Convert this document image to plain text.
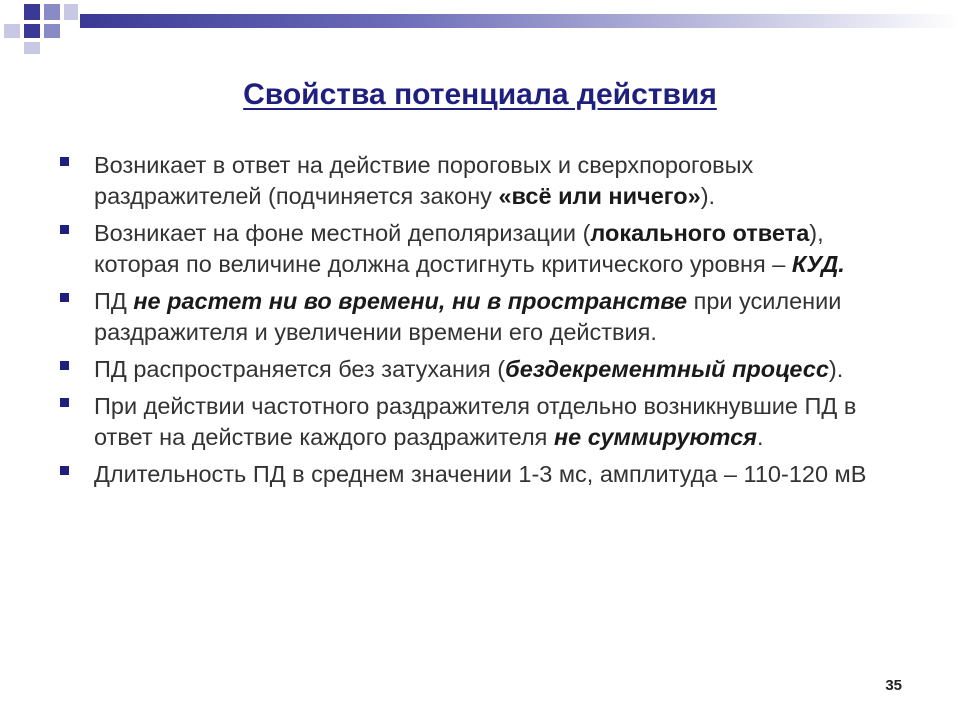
Свойства потенциала действия
Возникает в ответ на действие пороговых и сверхпороговых раздражителей (подчиняется закону «всё или ничего»).
Возникает на фоне местной деполяризации (локального ответа), которая по величине должна достигнуть критического уровня – КУД.
ПД не растет ни во времени, ни в пространстве при усилении раздражителя и увеличении времени его действия.
ПД распространяется без затухания (бездекрементный процесс).
При действии частотного раздражителя отдельно возникнувшие ПД в ответ на действие каждого раздражителя не суммируются.
Длительность ПД в среднем значении 1-3 мс, амплитуда – 110-120 мВ
35
